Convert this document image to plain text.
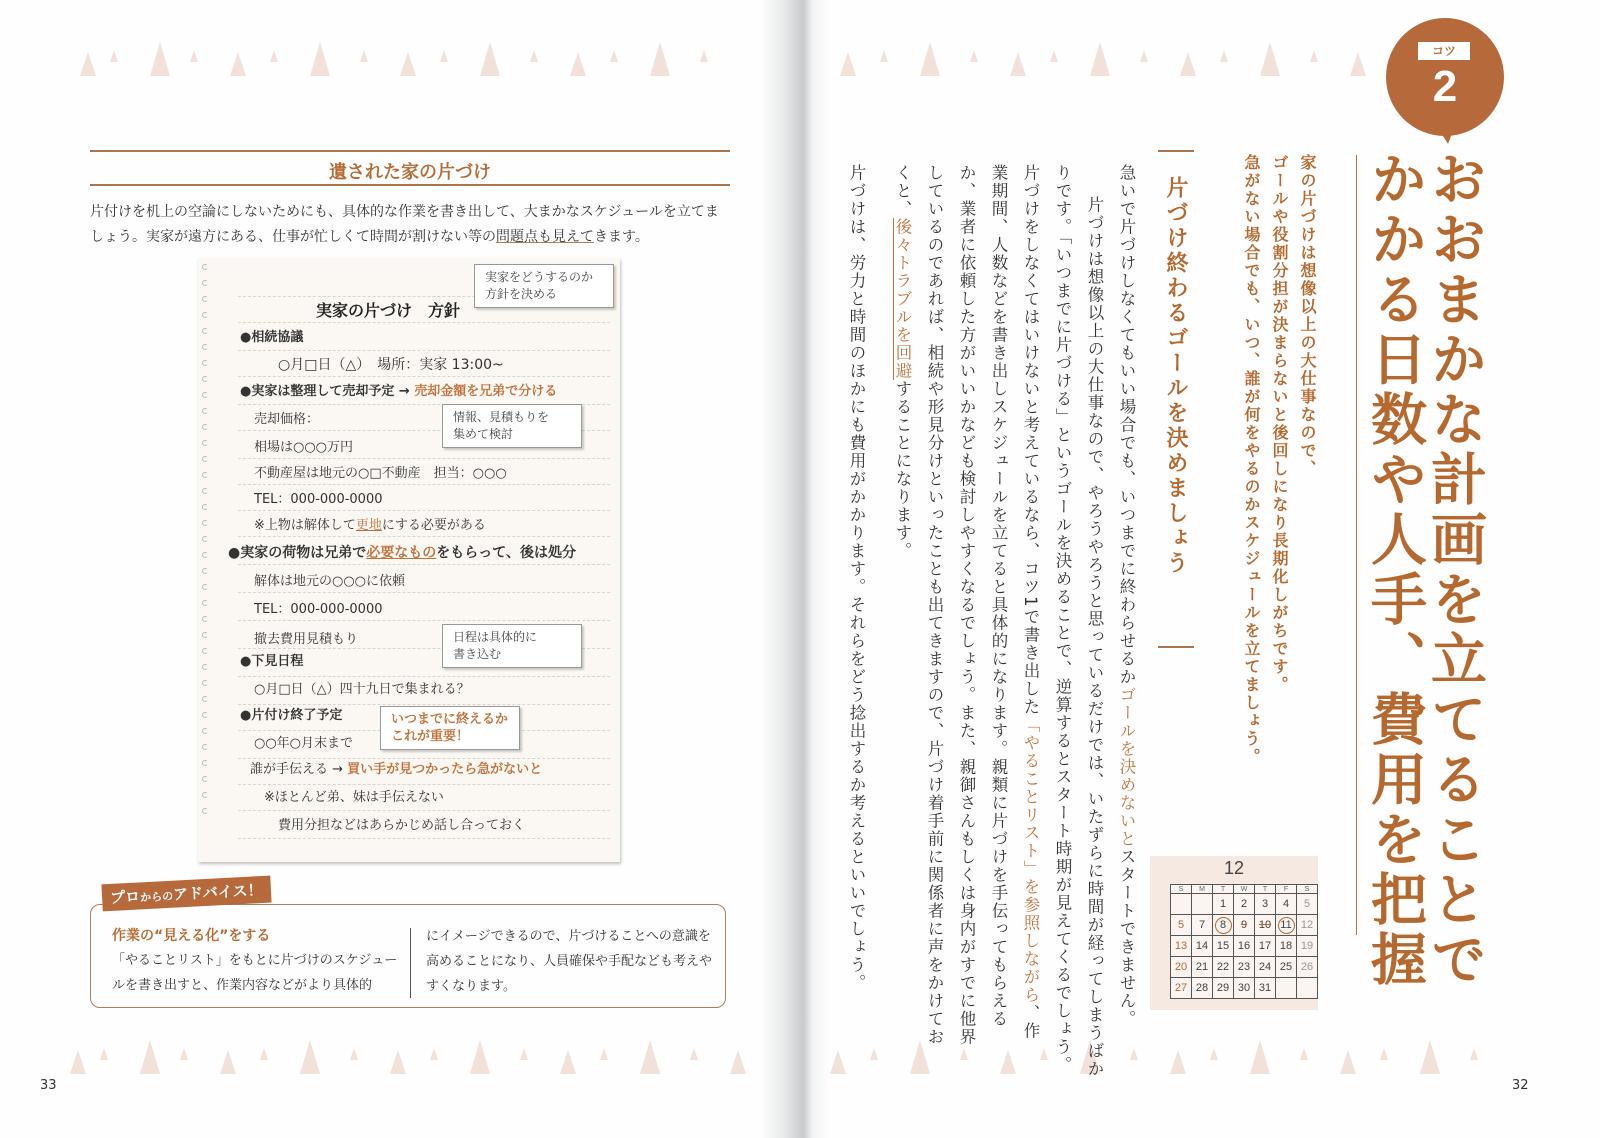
遺された家の片づけ
片付けを机上の空論にしないためにも、具体的な作業を書き出して、大まかなスケジュールを立てま
しょう。実家が遠方にある、仕事が忙しくて時間が割けない等の問題点も見えてきます。
実家の片づけ　方針
●相続協議
○月□日（△）　場所：実家 13:00~
●実家は整理して売却予定 → 売却金額を兄弟で分ける
売却価格：
相場は○○○万円
不動産屋は地元の○□不動産　担当：○○○
TEL：000-000-0000
※上物は解体して更地にする必要がある
●実家の荷物は兄弟で必要なものをもらって、後は処分
解体は地元の○○○に依頼
TEL：000-000-0000
撤去費用見積もり
●下見日程
○月□日（△）四十九日で集まれる？
●片付け終了予定
○○年○月末まで
誰が手伝える → 買い手が見つかったら急がないと
※ほとんど弟、妹は手伝えない
費用分担などはあらかじめ話し合っておく
実家をどうするのか
方針を決める
情報、見積もりを
集めて検討
日程は具体的に
書き込む
いつまでに終えるか
これが重要！
プロからのアドバイス！
作業の“見える化”をする
「やることリスト」をもとに片づけのスケジュールを書き出すと、作業内容などがより具体的
にイメージできるので、片づけることへの意識を高めることになり、人員確保や手配なども考えやすくなります。
33
コツ
2
おおまかな計画を立てることで
かかる日数や人手、費用を把握
家の片づけは想像以上の大仕事なので、
ゴールや役割分担が決まらないと後回しになり長期化しがちです。
急がない場合でも、いつ、誰が何をやるのかスケジュールを立てましょう。
片づけ終わるゴールを決めましょう
急いで片づけしなくてもいい場合でも、いつまでに終わらせるかゴールを決めないとスタートできません。
片づけは想像以上の大仕事なので、やろうやろうと思っているだけでは、いたずらに時間が経ってしまうばか
りです。「いつまでに片づける」というゴールを決めることで、逆算するとスタート時期が見えてくるでしょう。
片づけをしなくてはいけないと考えているなら、コツ1で書き出した「やることリスト」を参照しながら、作
業期間、人数などを書き出しスケジュールを立てると具体的になります。親類に片づけを手伝ってもらえる
か、業者に依頼した方がいいかなども検討しやすくなるでしょう。また、親御さんもしくは身内がすでに他界
しているのであれば、相続や形見分けといったことも出てきますので、片づけ着手前に関係者に声をかけてお
くと、後々トラブルを回避することになります。
片づけは、労力と時間のほかにも費用がかかります。それらをどう捻出するか考えるといいでしょう。	12
S	M	T	W	T	F	S
		1	2	3	4	5
5	7	8	9	10	11	12
13	14	15	16	17	18	19
20	21	22	23	24	25	26
27	28	29	30	31		
32
